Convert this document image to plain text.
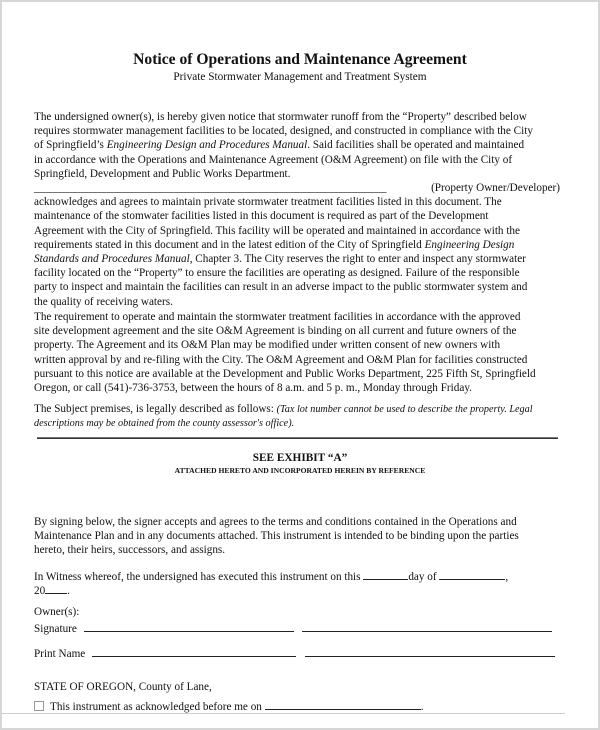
Notice of Operations and Maintenance Agreement
Private Stormwater Management and Treatment System
The undersigned owner(s), is hereby given notice that stormwater runoff from the “Property” described below
requires stormwater management facilities to be located, designed, and constructed in compliance with the City
of Springfield’s Engineering Design and Procedures Manual. Said facilities shall be operated and maintained
in accordance with the Operations and Maintenance Agreement (O&M Agreement) on file with the City of
Springfield, Development and Public Works Department.
_______________________________________________________________	(Property Owner/Developer)
acknowledges and agrees to maintain private stormwater treatment facilities listed in this document. The
maintenance of the stomwater facilities listed in this document is required as part of the Development
Agreement with the City of Springfield. This facility will be operated and maintained in accordance with the
requirements stated in this document and in the latest edition of the City of Springfield Engineering Design
Standards and Procedures Manual, Chapter 3. The City reserves the right to enter and inspect any stormwater
facility located on the “Property” to ensure the facilities are operating as designed. Failure of the responsible
party to inspect and maintain the facilities can result in an adverse impact to the public stormwater system and
the quality of receiving waters.
The requirement to operate and maintain the stormwater treatment facilities in accordance with the approved
site development agreement and the site O&M Agreement is binding on all current and future owners of the
property. The Agreement and its O&M Plan may be modified under written consent of new owners with
written approval by and re-filing with the City. The O&M Agreement and O&M Plan for facilities constructed
pursuant to this notice are available at the Development and Public Works Department, 225 Fifth St, Springfield
Oregon, or call (541)-736-3753, between the hours of 8 a.m. and 5 p. m., Monday through Friday.
The Subject premises, is legally described as follows: (Tax lot number cannot be used to describe the property. Legal
descriptions may be obtained from the county assessor's office).
SEE EXHIBIT “A”
ATTACHED HERETO AND INCORPORATED HEREIN BY REFERENCE
By signing below, the signer accepts and agrees to the terms and conditions contained in the Operations and
Maintenance Plan and in any documents attached. This instrument is intended to be binding upon the parties
hereto, their heirs, successors, and assigns.
In Witness whereof, the undersigned has executed this instrument on this	day of	,
20 .
Owner(s):
Signature
Print Name
STATE OF OREGON, County of Lane,
This instrument as acknowledged before me on	.
